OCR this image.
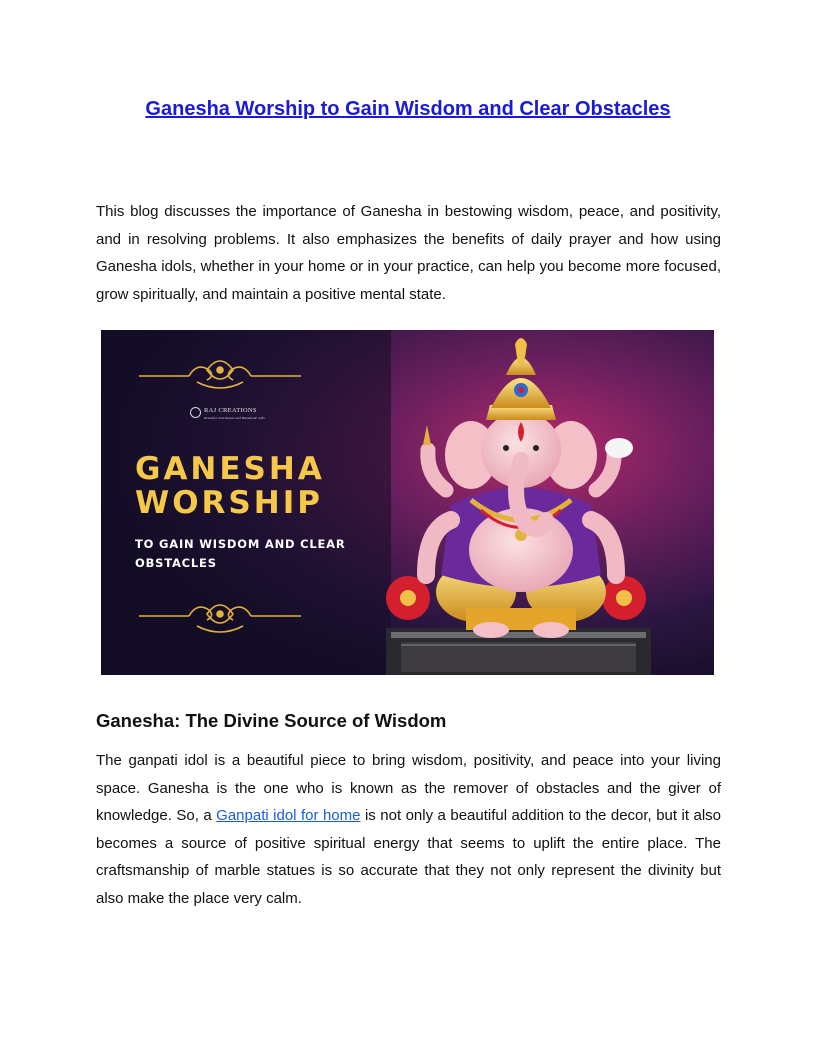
Ganesha Worship to Gain Wisdom and Clear Obstacles

This blog discusses the importance of Ganesha in bestowing wisdom, peace, and positivity, and in resolving problems. It also emphasizes the benefits of daily prayer and how using Ganesha idols, whether in your home or in your practice, can help you become more focused, grow spiritually, and maintain a positive mental state.

RAJ CREATIONS
Beautiful God Statues and Handmade Gifts

GANESHA

WORSHIP

TO GAIN WISDOM AND CLEAR

OBSTACLES

Ganesha: The Divine Source of Wisdom

The ganpati idol is a beautiful piece to bring wisdom, positivity, and peace into your living space. Ganesha is the one who is known as the remover of obstacles and the giver of knowledge. So, a Ganpati idol for home is not only a beautiful addition to the decor, but it also becomes a source of positive spiritual energy that seems to uplift the entire place. The craftsmanship of marble statues is so accurate that they not only represent the divinity but also make the place very calm.
